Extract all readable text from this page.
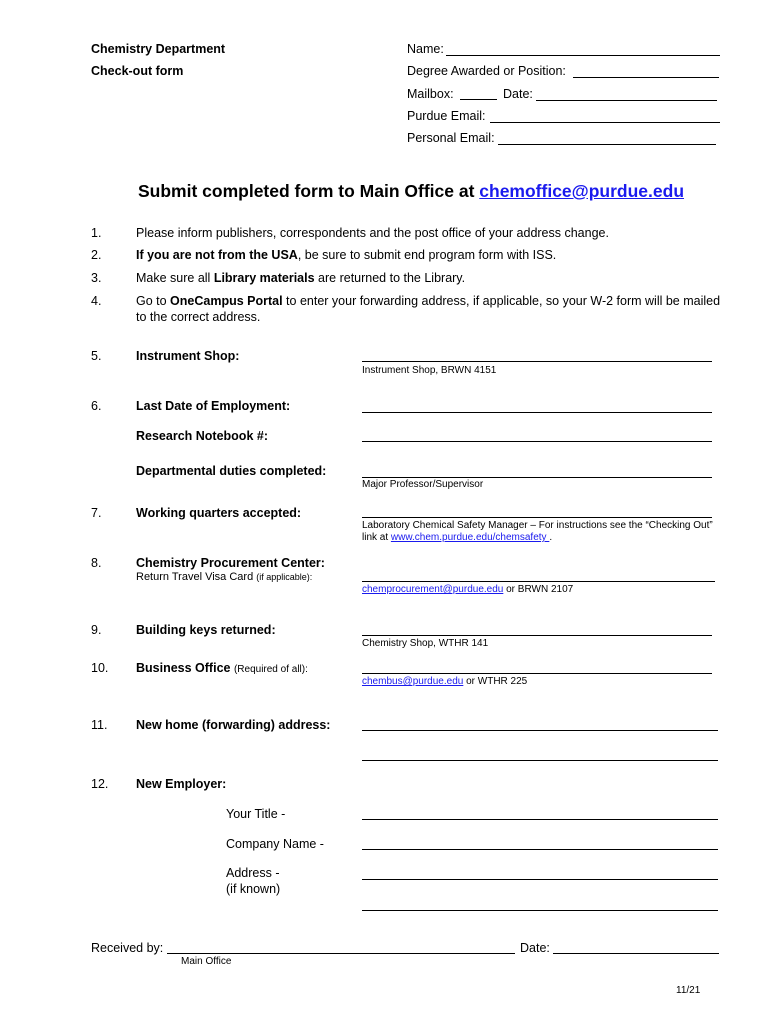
Chemistry Department
Check-out form
Name:
Degree Awarded or Position:
Mailbox:	Date:
Purdue Email:
Personal Email:
Submit completed form to Main Office at chemoffice@purdue.edu
1.	Please inform publishers, correspondents and the post office of your address change.
2.	If you are not from the USA, be sure to submit end program form with ISS.
3.	Make sure all Library materials are returned to the Library.
4.	Go to OneCampus Portal to enter your forwarding address, if applicable, so your W-2 form will be mailed
to the correct address.
5.	Instrument Shop:
Instrument Shop, BRWN 4151
6.	Last Date of Employment:
Research Notebook #:
Departmental duties completed:
Major Professor/Supervisor
7.	Working quarters accepted:
Laboratory Chemical Safety Manager – For instructions see the “Checking Out”
link at www.chem.purdue.edu/chemsafety .
8.	Chemistry Procurement Center:
Return Travel Visa Card (if applicable):
chemprocurement@purdue.edu or BRWN 2107
9.	Building keys returned:
Chemistry Shop, WTHR 141
10. Business Office (Required of all):
chembus@purdue.edu or WTHR 225
11. New home (forwarding) address:
12. New Employer:
Your Title -
Company Name -
Address -
(if known)
Received by:	Date:
Main Office
11/21
